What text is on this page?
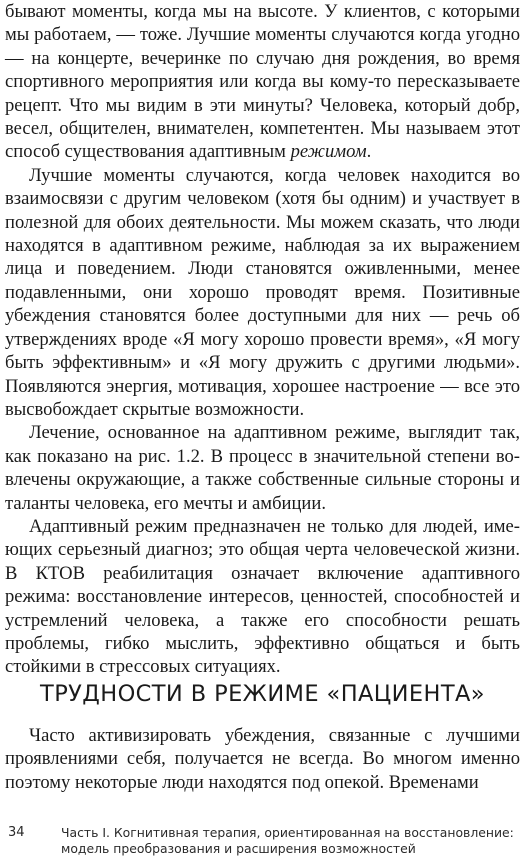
бывают моменты, когда мы на высоте. У клиентов, с которыми мы работаем, — тоже. Лучшие моменты случаются когда угодно — на концерте, вечеринке по случаю дня рождения, во время спортивного мероприятия или когда вы кому-то пересказываете рецепт. Что мы видим в эти минуты? Человека, который добр, весел, общителен, внимателен, компетентен. Мы называем этот способ существования адаптивным режимом.

Лучшие моменты случаются, когда человек находится во взаимосвязи с другим человеком (хотя бы одним) и участвует в полезной для обоих деятельности. Мы можем сказать, что люди находятся в адаптивном режиме, наблюдая за их выражением лица и поведением. Люди становятся оживленными, менее подавленными, они хорошо проводят время. Позитивные убеждения становятся более доступными для них — речь об утверждениях вроде «Я могу хорошо провести время», «Я могу быть эффективным» и «Я могу дружить с другими людьми». Появляются энергия, мотивация, хорошее настроение — все это высвобождает скрытые возможности.

Лечение, основанное на адаптивном режиме, выглядит так, как показано на рис. 1.2. В процесс в значительной степени вовлечены окружающие, а также собственные сильные стороны и таланты человека, его мечты и амбиции.

Адаптивный режим предназначен не только для людей, имеющих серьезный диагноз; это общая черта человеческой жизни. В КТОВ реабилитация означает включение адаптивного режима: восстановление интересов, ценностей, способностей и устремлений человека, а также его способности решать проблемы, гибко мыслить, эффективно общаться и быть стойкими в стрессовых ситуациях.

ТРУДНОСТИ В РЕЖИМЕ «ПАЦИЕНТА»

Часто активизировать убеждения, связанные с лучшими проявлениями себя, получается не всегда. Во многом именно поэтому некоторые люди находятся под опекой. Временами

34	Часть I. Когнитивная терапия, ориентированная на восстановление: модель преобразования и расширения возможностей
